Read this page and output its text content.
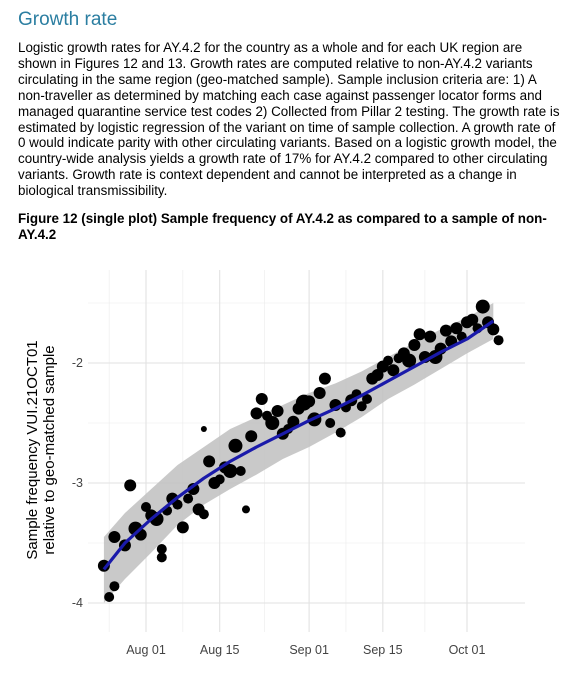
Growth rate

Logistic growth rates for AY.4.2 for the country as a whole and for each UK region are shown in Figures 12 and 13. Growth rates are computed relative to non-AY.4.2 variants circulating in the same region (geo-matched sample). Sample inclusion criteria are: 1) A non-traveller as determined by matching each case against passenger locator forms and managed quarantine service test codes 2) Collected from Pillar 2 testing. The growth rate is estimated by logistic regression of the variant on time of sample collection. A growth rate of 0 would indicate parity with other circulating variants. Based on a logistic growth model, the country-wide analysis yields a growth rate of 17% for AY.4.2 compared to other circulating variants. Growth rate is context dependent and cannot be interpreted as a change in biological transmissibility.

Figure 12 (single plot) Sample frequency of AY.4.2 as compared to a sample of non-AY.4.2

Aug 01	Aug 15	Sep 01	Sep 15	Oct 01
-2
-3
-4
Sample frequency VUI.21OCT01relative to geo-matched sample
